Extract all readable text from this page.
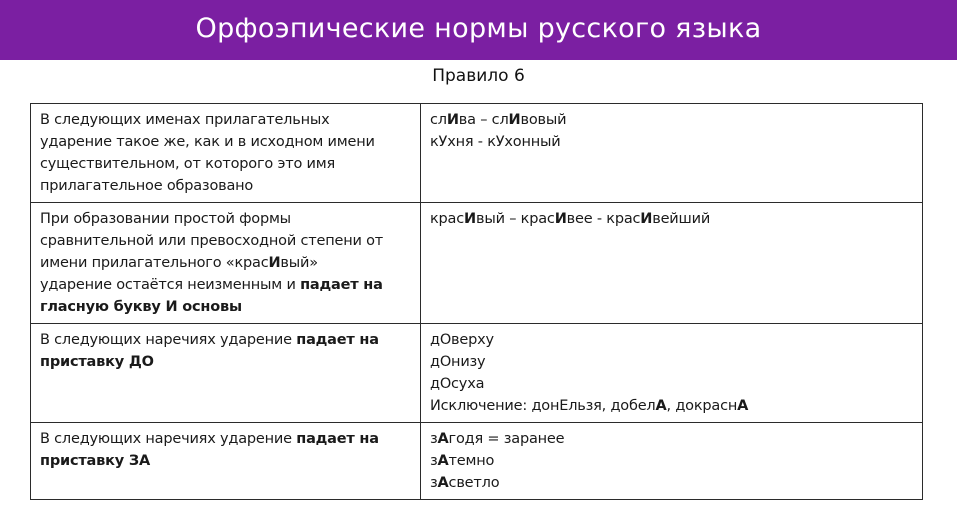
Орфоэпические нормы русского языка
Правило 6
В следующих именах прилагательных
ударение такое же, как и в исходном имени
существительном, от которого это имя
прилагательное образовано	слИва – слИвовый
кУхня - кУхонный

При образовании простой формы
сравнительной или превосходной степени от
имени прилагательного «красИвый»
ударение остаётся неизменным и падает на
гласную букву И основы	красИвый – красИвее - красИвейший

В следующих наречиях ударение падает на
приставку ДО	дОверху
дОнизу
дОсуха
Исключение: донЕльзя, добелА, докраснА

В следующих наречиях ударение падает на
приставку ЗА	зАгодя = заранее
зАтемно
зАсветло
